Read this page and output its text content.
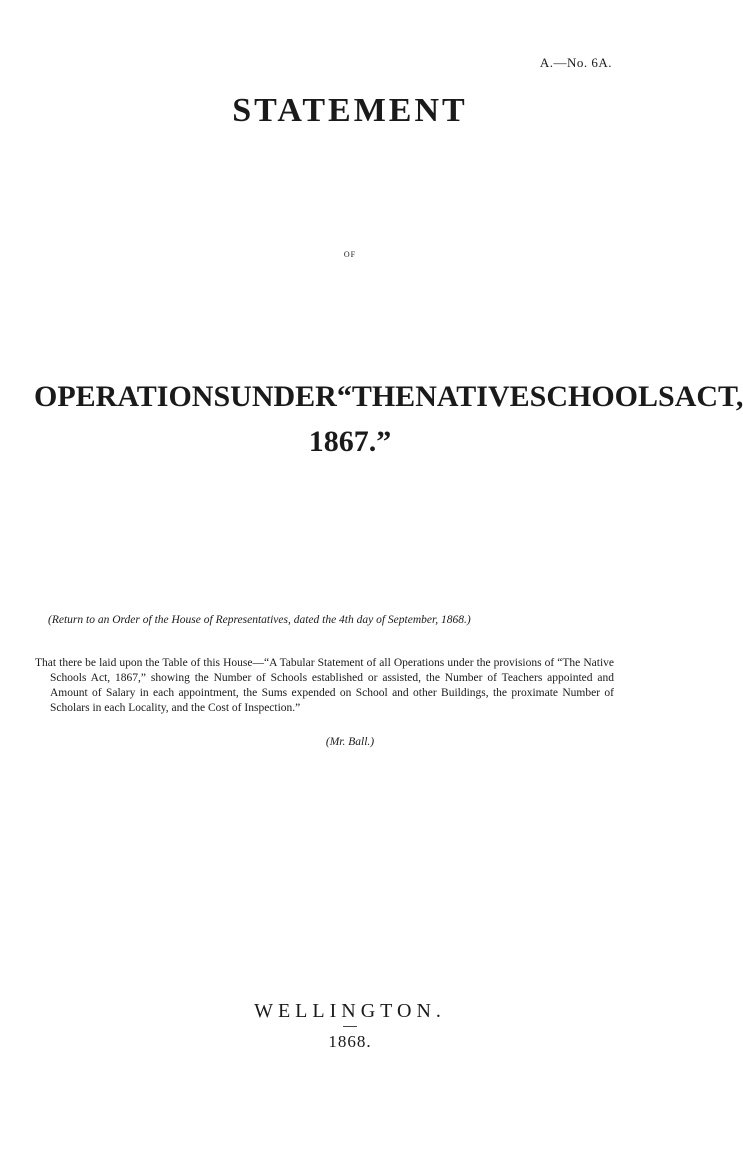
A.—No. 6A.
STATEMENT
OF
OPERATIONS UNDER “THE NATIVE SCHOOLS ACT,
1867.”
(Return to an Order of the House of Representatives, dated the 4th day of September, 1868.)

That there be laid upon the Table of this House—“A Tabular Statement of all Operations under the provisions of “The Native Schools Act, 1867,” showing the Number of Schools established or assisted, the Number of Teachers appointed and Amount of Salary in each appointment, the Sums expended on School and other Buildings, the proximate Number of Scholars in each Locality, and the Cost of Inspection.”

(Mr. Ball.)
WELLINGTON.
1868.
